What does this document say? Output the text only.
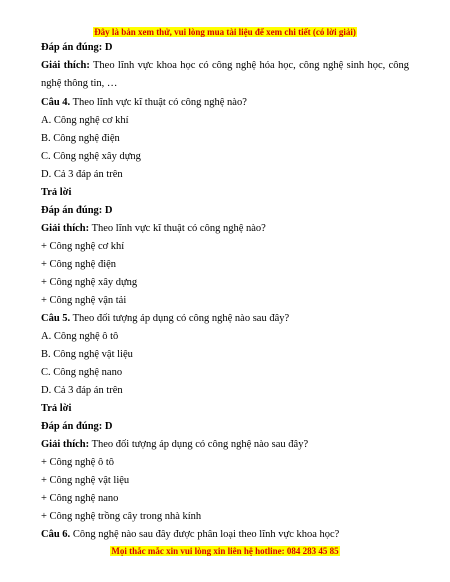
Đây là bản xem thử, vui lòng mua tài liệu để xem chi tiết (có lời giải)
Đáp án đúng: D
Giải thích: Theo lĩnh vực khoa học có công nghệ hóa học, công nghệ sinh học, công
nghệ thông tin, …
Câu 4. Theo lĩnh vực kĩ thuật có công nghệ nào?
A. Công nghệ cơ khí
B. Công nghệ điện
C. Công nghệ xây dựng
D. Cả 3 đáp án trên
Trả lời
Đáp án đúng: D
Giải thích: Theo lĩnh vực kĩ thuật có công nghệ nào?
+ Công nghệ cơ khí
+ Công nghệ điện
+ Công nghệ xây dựng
+ Công nghệ vận tải
Câu 5. Theo đối tượng áp dụng có công nghệ nào sau đây?
A. Công nghệ ô tô
B. Công nghệ vật liệu
C. Công nghệ nano
D. Cả 3 đáp án trên
Trả lời
Đáp án đúng: D
Giải thích: Theo đối tượng áp dụng có công nghệ nào sau đây?
+ Công nghệ ô tô
+ Công nghệ vật liệu
+ Công nghệ nano
+ Công nghệ trồng cây trong nhà kính
Câu 6. Công nghệ nào sau đây được phân loại theo lĩnh vực khoa học?
Mọi thắc mắc xin vui lòng xin liên hệ hotline: 084 283 45 85
